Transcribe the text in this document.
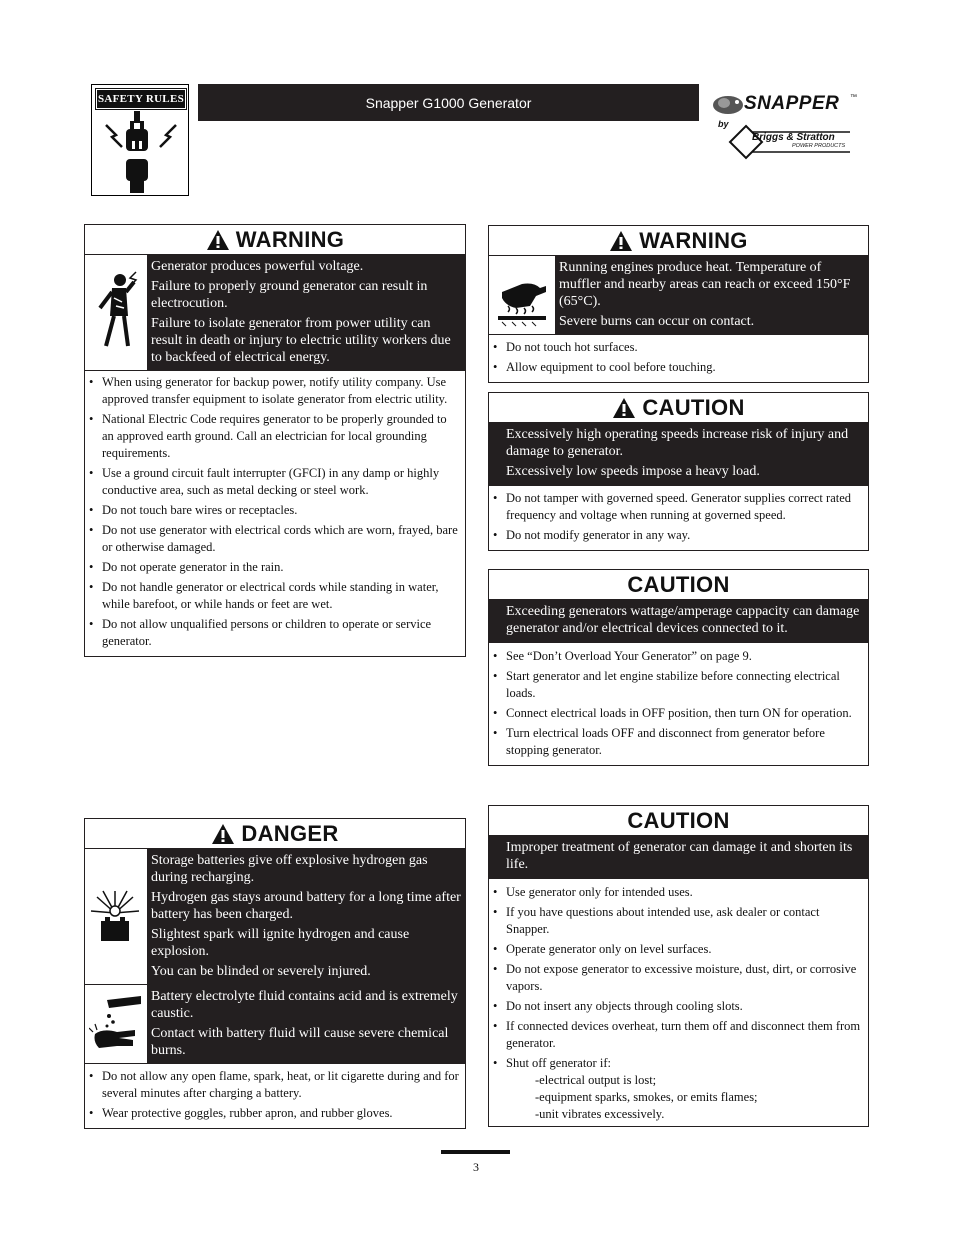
SAFETY RULES	Snapper G1000 Generator	SNAPPER ™
by
Briggs & Stratton
POWER PRODUCTS
WARNING

Generator produces powerful voltage.

Failure to properly ground generator can result in electrocution.

Failure to isolate generator from power utility can result in death or injury to electric utility workers due to backfeed of electrical energy.

• When using generator for backup power, notify utility company. Use approved transfer equipment to isolate generator from electric utility.
• National Electric Code requires generator to be properly grounded to an approved earth ground. Call an electrician for local grounding requirements.
• Use a ground circuit fault interrupter (GFCI) in any damp or highly conductive area, such as metal decking or steel work.
• Do not touch bare wires or receptacles.
• Do not use generator with electrical cords which are worn, frayed, bare or otherwise damaged.
• Do not operate generator in the rain.
• Do not handle generator or electrical cords while standing in water, while barefoot, or while hands or feet are wet.
• Do not allow unqualified persons or children to operate or service generator.
DANGER

Storage batteries give off explosive hydrogen gas during recharging.

Hydrogen gas stays around battery for a long time after battery has been charged.

Slightest spark will ignite hydrogen and cause explosion.

You can be blinded or severely injured.

Battery electrolyte fluid contains acid and is extremely caustic.

Contact with battery fluid will cause severe chemical burns.

• Do not allow any open flame, spark, heat, or lit cigarette during and for several minutes after charging a battery.
• Wear protective goggles, rubber apron, and rubber gloves.
WARNING

Running engines produce heat. Temperature of muffler and nearby areas can reach or exceed 150°F (65°C).

Severe burns can occur on contact.

• Do not touch hot surfaces.
• Allow equipment to cool before touching.
CAUTION

Excessively high operating speeds increase risk of injury and damage to generator.

Excessively low speeds impose a heavy load.

• Do not tamper with governed speed. Generator supplies correct rated frequency and voltage when running at governed speed.
• Do not modify generator in any way.
CAUTION

Exceeding generators wattage/amperage cappacity can damage generator and/or electrical devices connected to it.

• See “Don’t Overload Your Generator” on page 9.
• Start generator and let engine stabilize before connecting electrical loads.
• Connect electrical loads in OFF position, then turn ON for operation.
• Turn electrical loads OFF and disconnect from generator before stopping generator.
CAUTION

Improper treatment of generator can damage it and shorten its life.

• Use generator only for intended uses.
• If you have questions about intended use, ask dealer or contact Snapper.
• Operate generator only on level surfaces.
• Do not expose generator to excessive moisture, dust, dirt, or corrosive vapors.
• Do not insert any objects through cooling slots.
• If connected devices overheat, turn them off and disconnect them from generator.
• Shut off generator if:
-electrical output is lost;
-equipment sparks, smokes, or emits flames;
-unit vibrates excessively.
3
